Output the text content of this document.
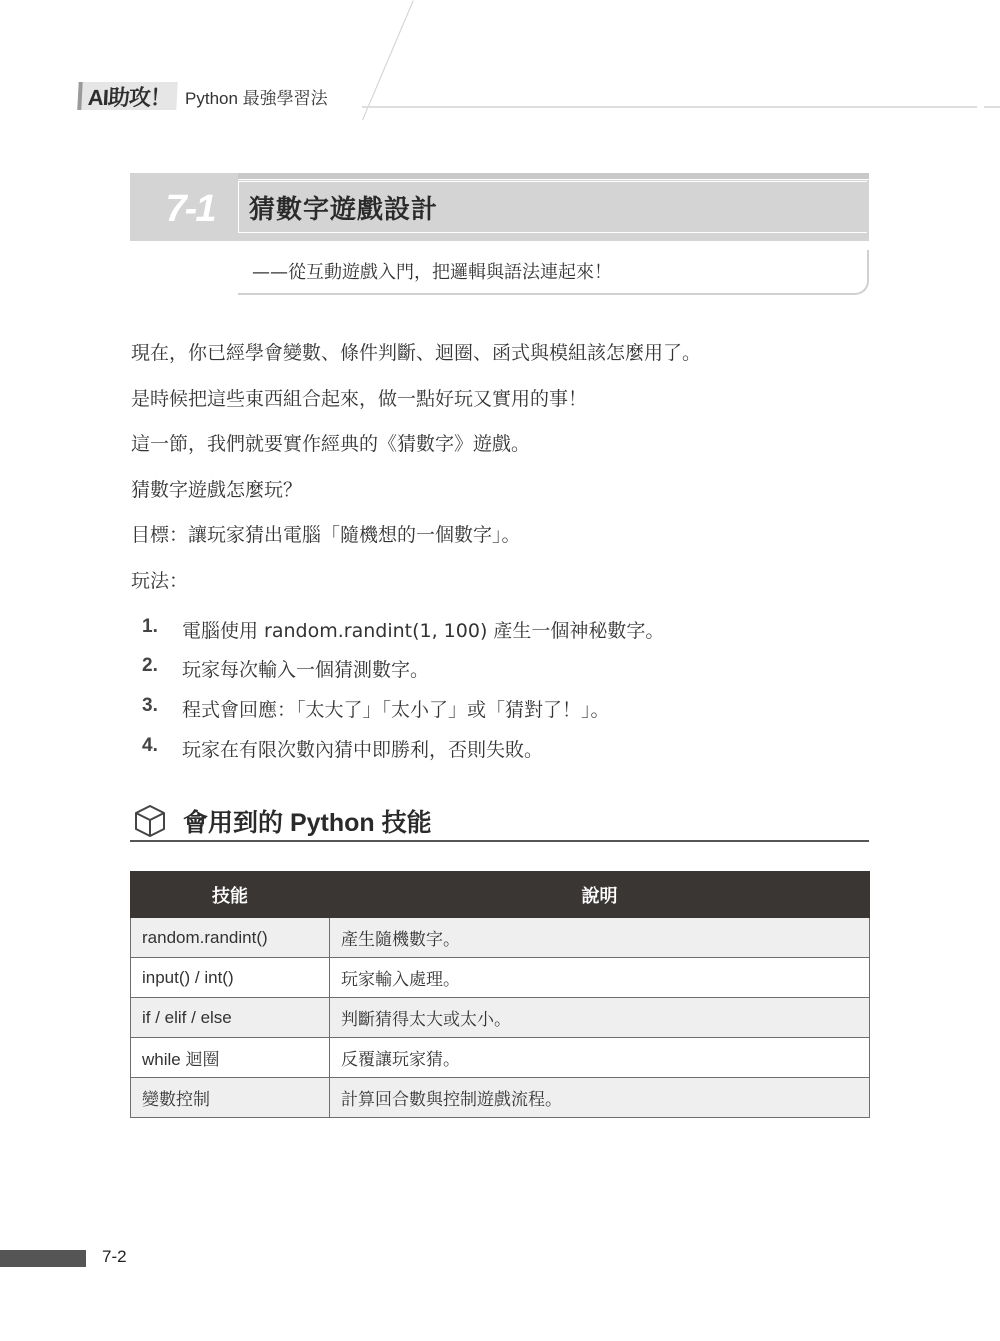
AI助攻！ Python 最強學習法
7-1	猜數字遊戲設計
——從互動遊戲入門，把邏輯與語法連起來！
現在，你已經學會變數、條件判斷、迴圈、函式與模組該怎麼用了。
是時候把這些東西組合起來，做一點好玩又實用的事！
這一節，我們就要實作經典的《猜數字》遊戲。
猜數字遊戲怎麼玩？
目標：讓玩家猜出電腦「隨機想的一個數字」。
玩法：
1.	電腦使用 random.randint(1, 100) 產生一個神秘數字。
2.	玩家每次輸入一個猜測數字。
3.	程式會回應：「太大了」「太小了」或「猜對了！」。
4.	玩家在有限次數內猜中即勝利，否則失敗。
會用到的 Python 技能
技能	說明
random.randint()	產生隨機數字。
input() / int()	玩家輸入處理。
if / elif / else	判斷猜得太大或太小。
while 迴圈	反覆讓玩家猜。
變數控制	計算回合數與控制遊戲流程。
7-2
